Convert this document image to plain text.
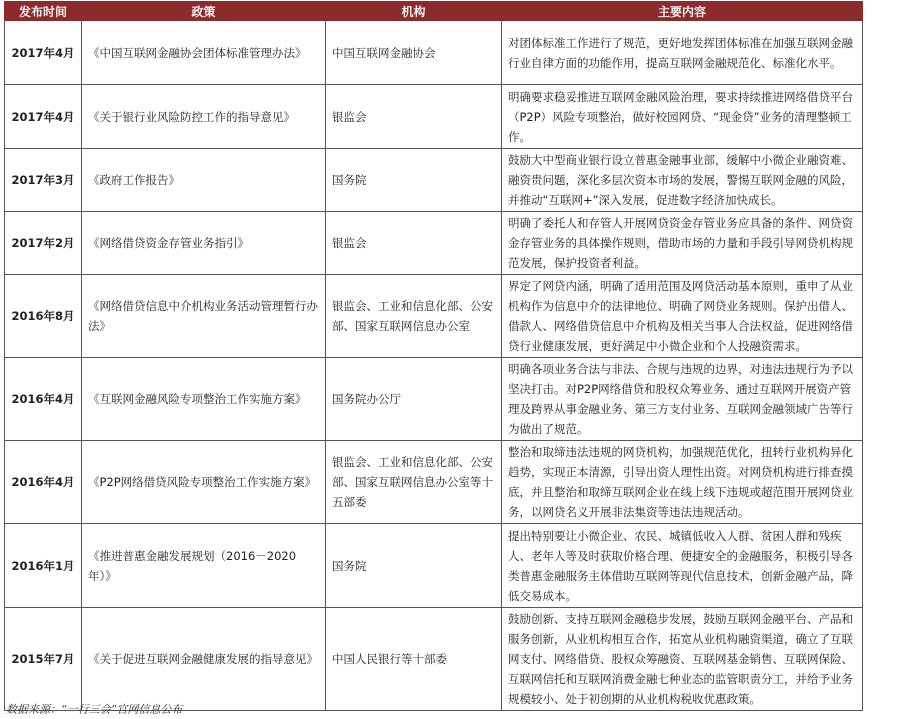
发布时间	政策	机构	主要内容
2017年4月	《中国互联网金融协会团体标准管理办法》	中国互联网金融协会	对团体标准工作进行了规范，更好地发挥团体标准在加强互联网金融行业自律方面的功能作用，提高互联网金融规范化、标准化水平。
2017年4月	《关于银行业风险防控工作的指导意见》	银监会	明确要求稳妥推进互联网金融风险治理，要求持续推进网络借贷平台（P2P）风险专项整治，做好校园网贷、“现金贷”业务的清理整顿工作。
2017年3月	《政府工作报告》	国务院	鼓励大中型商业银行设立普惠金融事业部，缓解中小微企业融资难、融资贵问题，深化多层次资本市场的发展，警惕互联网金融的风险，并推动“互联网+”深入发展，促进数字经济加快成长。
2017年2月	《网络借贷资金存管业务指引》	银监会	明确了委托人和存管人开展网贷资金存管业务应具备的条件、网贷资金存管业务的具体操作规则，借助市场的力量和手段引导网贷机构规范发展，保护投资者利益。
2016年8月	《网络借贷信息中介机构业务活动管理暂行办法》	银监会、工业和信息化部、公安部、国家互联网信息办公室	界定了网贷内涵，明确了适用范围及网贷活动基本原则，重申了从业机构作为信息中介的法律地位、明确了网贷业务规则。保护出借人、借款人、网络借贷信息中介机构及相关当事人合法权益，促进网络借贷行业健康发展，更好满足中小微企业和个人投融资需求。
2016年4月	《互联网金融风险专项整治工作实施方案》	国务院办公厅	明确各项业务合法与非法、合规与违规的边界，对违法违规行为予以坚决打击。对P2P网络借贷和股权众筹业务、通过互联网开展资产管理及跨界从事金融业务、第三方支付业务、互联网金融领域广告等行为做出了规范。
2016年4月	《P2P网络借贷风险专项整治工作实施方案》	银监会、工业和信息化部、公安部、国家互联网信息办公室等十五部委	整治和取缔违法违规的网贷机构，加强规范优化，扭转行业机构异化趋势，实现正本清源，引导出资人理性出资。对网贷机构进行排查摸底，并且整治和取缔互联网企业在线上线下违规或超范围开展网贷业务，以网贷名义开展非法集资等违法违规活动。
2016年1月	《推进普惠金融发展规划（2016－2020年）》	国务院	提出特别要让小微企业、农民、城镇低收入人群、贫困人群和残疾人、老年人等及时获取价格合理、便捷安全的金融服务，积极引导各类普惠金融服务主体借助互联网等现代信息技术，创新金融产品，降低交易成本。
2015年7月	《关于促进互联网金融健康发展的指导意见》	中国人民银行等十部委	鼓励创新、支持互联网金融稳步发展，鼓励互联网金融平台、产品和服务创新，从业机构相互合作，拓宽从业机构融资渠道，确立了互联网支付、网络借贷、股权众筹融资、互联网基金销售、互联网保险、互联网信托和互联网消费金融七种业态的监管职责分工，并给予业务规模较小、处于初创期的从业机构税收优惠政策。
数据来源：“一行三会”官网信息公布
